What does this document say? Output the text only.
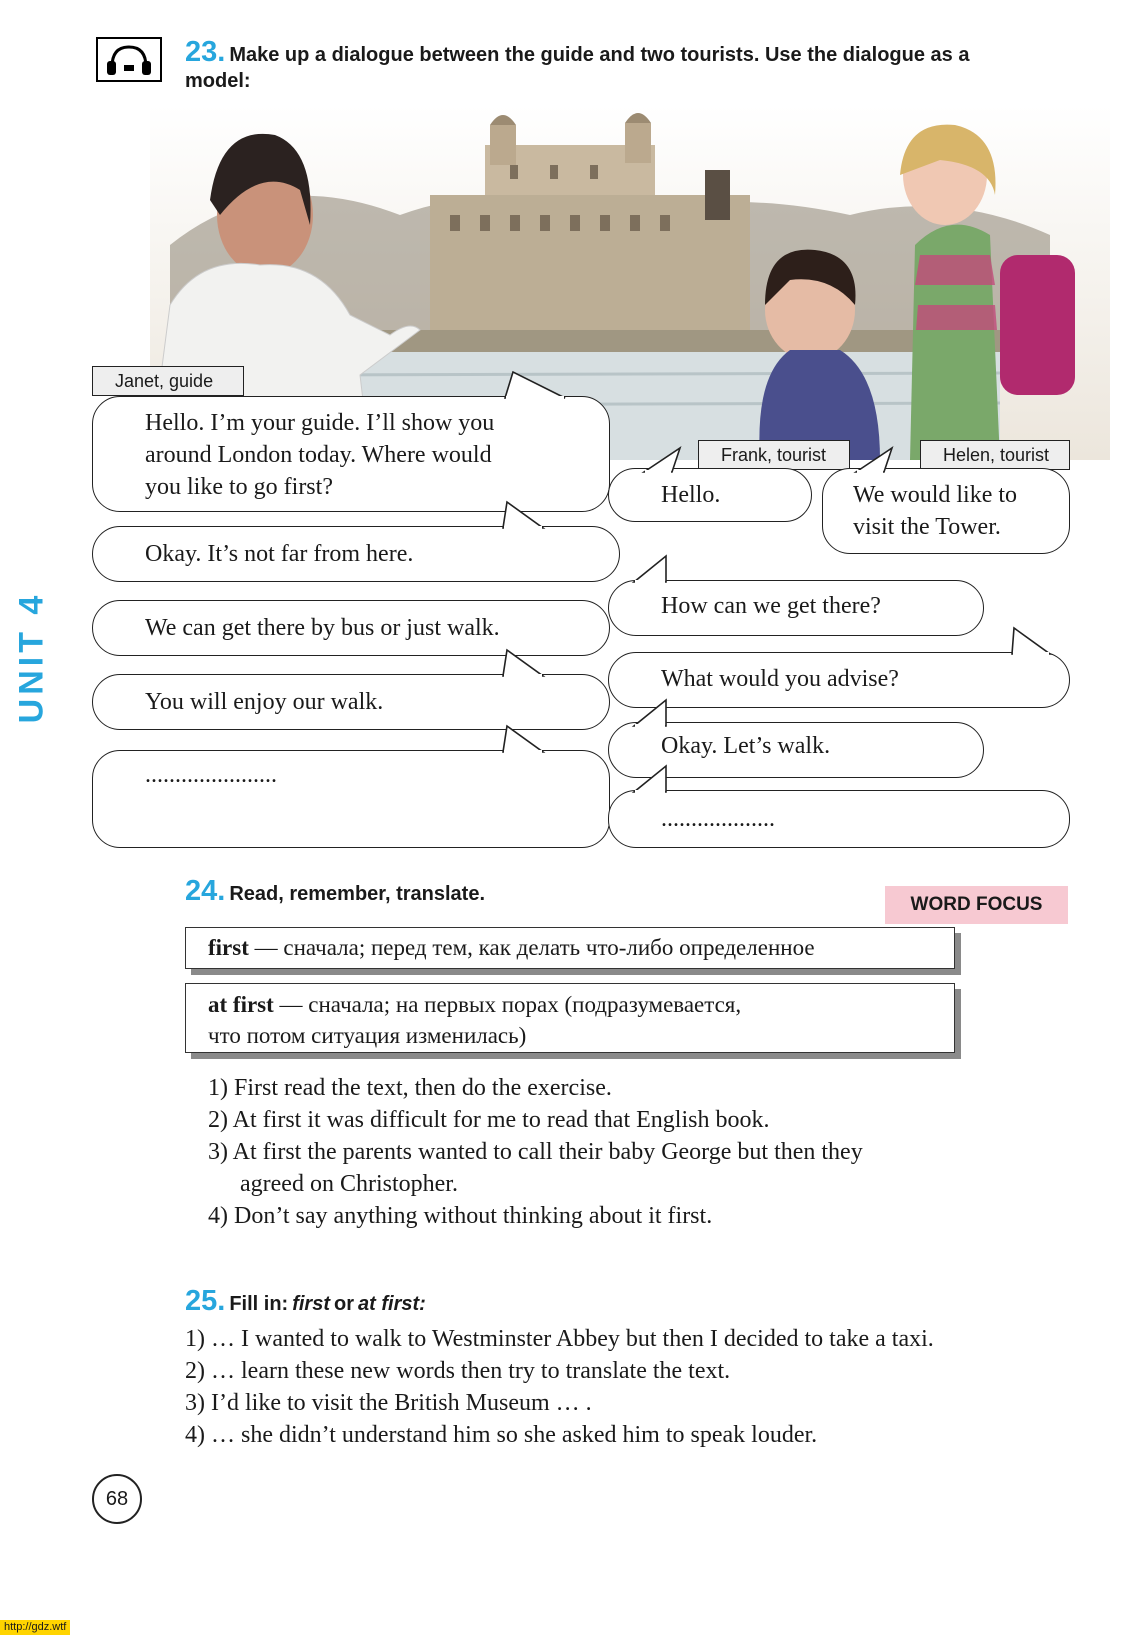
23. Make up a dialogue between the guide and two tourists. Use the dialogue as a
model:
Janet, guide
Frank, tourist	Helen, tourist
Hello. I’m your guide. I’ll show you
around London today. Where would
you like to go first?	Hello.	We would like to
visit the Tower.
Okay. It’s not far from here.
How can we get there?
We can get there by bus or just walk.
What would you advise?
You will enjoy our walk.
Okay. Let’s walk.
......................
...................
UNIT 4
24. Read, remember, translate.	WORD FOCUS
first — сначала; перед тем, как делать что-либо определенное
at first — сначала; на первых порах (подразумевается,
что потом ситуация изменилась)
1) First read the text, then do the exercise.
2) At first it was difficult for me to read that English book.
3) At first the parents wanted to call their baby George but then they
agreed on Christopher.
4) Don’t say anything without thinking about it first.
25. Fill in: first or at first:
1) … I wanted to walk to Westminster Abbey but then I decided to take a taxi.
2) … learn these new words then try to translate the text.
3) I’d like to visit the British Museum … .
4) … she didn’t understand him so she asked him to speak louder.
68
http://gdz.wtf
